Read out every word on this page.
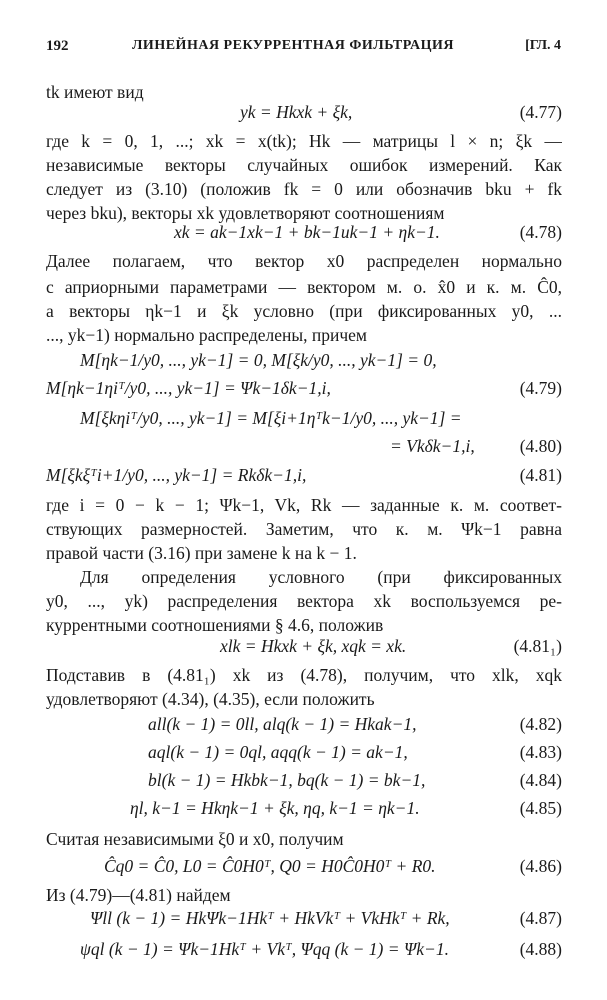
192	ЛИНЕЙНАЯ РЕКУРРЕНТНАЯ ФИЛЬТРАЦИЯ	[ГЛ. 4
tk имеют вид
yk = Hkxk + ξk,	(4.77)
где k = 0, 1, ...; xk = x(tk); Hk — матрицы l × n; ξk —
независимые векторы случайных ошибок измерений. Как
следует из (3.10) (положив fk = 0 или обозначив bku + fk
через bku), векторы xk удовлетворяют соотношениям
xk = ak−1xk−1 + bk−1uk−1 + ηk−1.	(4.78)
Далее полагаем, что вектор x0 распределен нормально
с априорными параметрами — вектором м. о. x̂0 и к. м. Ĉ0,
а векторы ηk−1 и ξk условно (при фиксированных y0, ...
..., yk−1) нормально распределены, причем
M[ηk−1/y0, ..., yk−1] = 0, M[ξk/y0, ..., yk−1] = 0,
M[ηk−1ηiᵀ/y0, ..., yk−1] = Ψk−1δk−1,i,	(4.79)
M[ξkηiᵀ/y0, ..., yk−1] = M[ξi+1ηᵀk−1/y0, ..., yk−1] =
= Vkδk−1,i,	(4.80)
M[ξkξᵀi+1/y0, ..., yk−1] = Rkδk−1,i,	(4.81)
где i = 0 − k − 1; Ψk−1, Vk, Rk — заданные к. м. соответ-
ствующих размерностей. Заметим, что к. м. Ψk−1 равна
правой части (3.16) при замене k на k − 1.
Для определения условного (при фиксированных
y0, ..., yk) распределения вектора xk воспользуемся ре-
куррентными соотношениями § 4.6, положив
xlk = Hkxk + ξk, xqk = xk.	(4.81₁)
Подставив в (4.81₁) xk из (4.78), получим, что xlk, xqk
удовлетворяют (4.34), (4.35), если положить
all(k − 1) = 0ll, alq(k − 1) = Hkak−1,	(4.82)
aql(k − 1) = 0ql, aqq(k − 1) = ak−1,	(4.83)
bl(k − 1) = Hkbk−1, bq(k − 1) = bk−1,	(4.84)
ηl, k−1 = Hkηk−1 + ξk, ηq, k−1 = ηk−1.	(4.85)
Считая независимыми ξ0 и x0, получим
Ĉq0 = Ĉ0, L0 = Ĉ0H0ᵀ, Q0 = H0Ĉ0H0ᵀ + R0.	(4.86)
Из (4.79)—(4.81) найдем
Ψll (k − 1) = HkΨk−1Hkᵀ + HkVkᵀ + VkHkᵀ + Rk,	(4.87)
ψql (k − 1) = Ψk−1Hkᵀ + Vkᵀ, Ψqq (k − 1) = Ψk−1.	(4.88)
